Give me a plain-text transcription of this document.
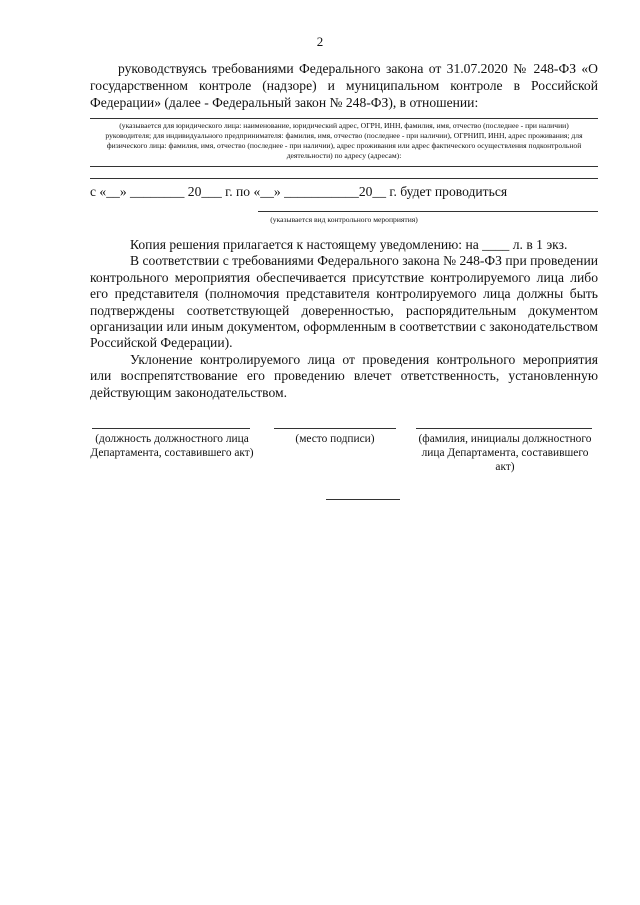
2
руководствуясь требованиями Федерального закона от 31.07.2020 № 248-ФЗ «О государственном контроле (надзоре) и муниципальном контроле в Российской Федерации» (далее - Федеральный закон № 248-ФЗ), в отношении:
(указывается для юридического лица: наименование, юридический адрес, ОГРН, ИНН, фамилия, имя, отчество (последнее - при наличии) руководителя; для индивидуального предпринимателя: фамилия, имя, отчество (последнее - при наличии), ОГРНИП, ИНН, адрес проживания; для физического лица: фамилия, имя, отчество (последнее - при наличии), адрес проживания или адрес фактического осуществления подконтрольной деятельности) по адресу (адресам):
с «__» ________ 20___ г. по «__» ___________20__ г. будет проводиться
(указывается вид контрольного мероприятия)

Копия решения прилагается к настоящему уведомлению: на ____ л. в 1 экз.

В соответствии с требованиями Федерального закона № 248-ФЗ при проведении контрольного мероприятия обеспечивается присутствие контролируемого лица либо его представителя (полномочия представителя контролируемого лица должны быть подтверждены соответствующей доверенностью, распорядительным документом организации или иным документом, оформленным в соответствии с законодательством Российской Федерации).

Уклонение контролируемого лица от проведения контрольного мероприятия или воспрепятствование его проведению влечет ответственность, установленную действующим законодательством.

(должность должностного лица Департамента, составившего акт)
(место подписи)	(фамилия, инициалы должностного лица Департамента, составившего акт)
